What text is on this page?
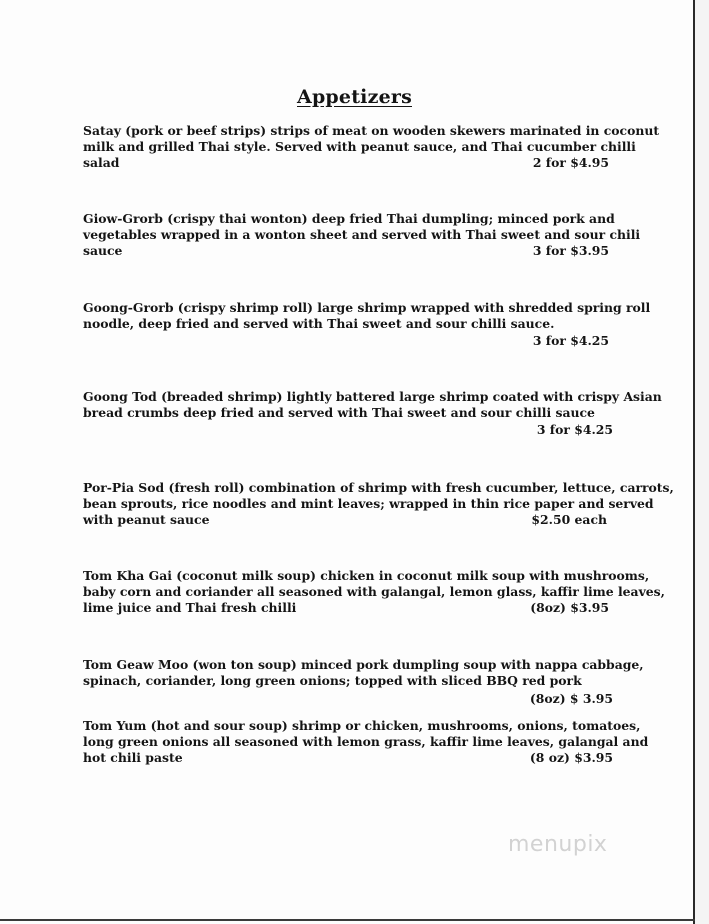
Appetizers
Satay (pork or beef strips) strips of meat on wooden skewers marinated in coconut
milk and grilled Thai style. Served with peanut sauce, and Thai cucumber chilli
salad	2 for $4.95
Giow-Grorb (crispy thai wonton) deep fried Thai dumpling; minced pork and
vegetables wrapped in a wonton sheet and served with Thai sweet and sour chili
sauce	3 for $3.95
Goong-Grorb (crispy shrimp roll) large shrimp wrapped with shredded spring roll
noodle, deep fried and served with Thai sweet and sour chilli sauce.
3 for $4.25
Goong Tod (breaded shrimp) lightly battered large shrimp coated with crispy Asian
bread crumbs deep fried and served with Thai sweet and sour chilli sauce
3 for $4.25
Por-Pia Sod (fresh roll) combination of shrimp with fresh cucumber, lettuce, carrots,
bean sprouts, rice noodles and mint leaves; wrapped in thin rice paper and served
with peanut sauce	$2.50 each
Tom Kha Gai (coconut milk soup) chicken in coconut milk soup with mushrooms,
baby corn and coriander all seasoned with galangal, lemon glass, kaffir lime leaves,
lime juice and Thai fresh chilli	(8oz) $3.95
Tom Geaw Moo (won ton soup) minced pork dumpling soup with nappa cabbage,
spinach, coriander, long green onions; topped with sliced BBQ red pork
(8oz) $ 3.95
Tom Yum (hot and sour soup) shrimp or chicken, mushrooms, onions, tomatoes,
long green onions all seasoned with lemon grass, kaffir lime leaves, galangal and
hot chili paste	(8 oz) $3.95
menupix
